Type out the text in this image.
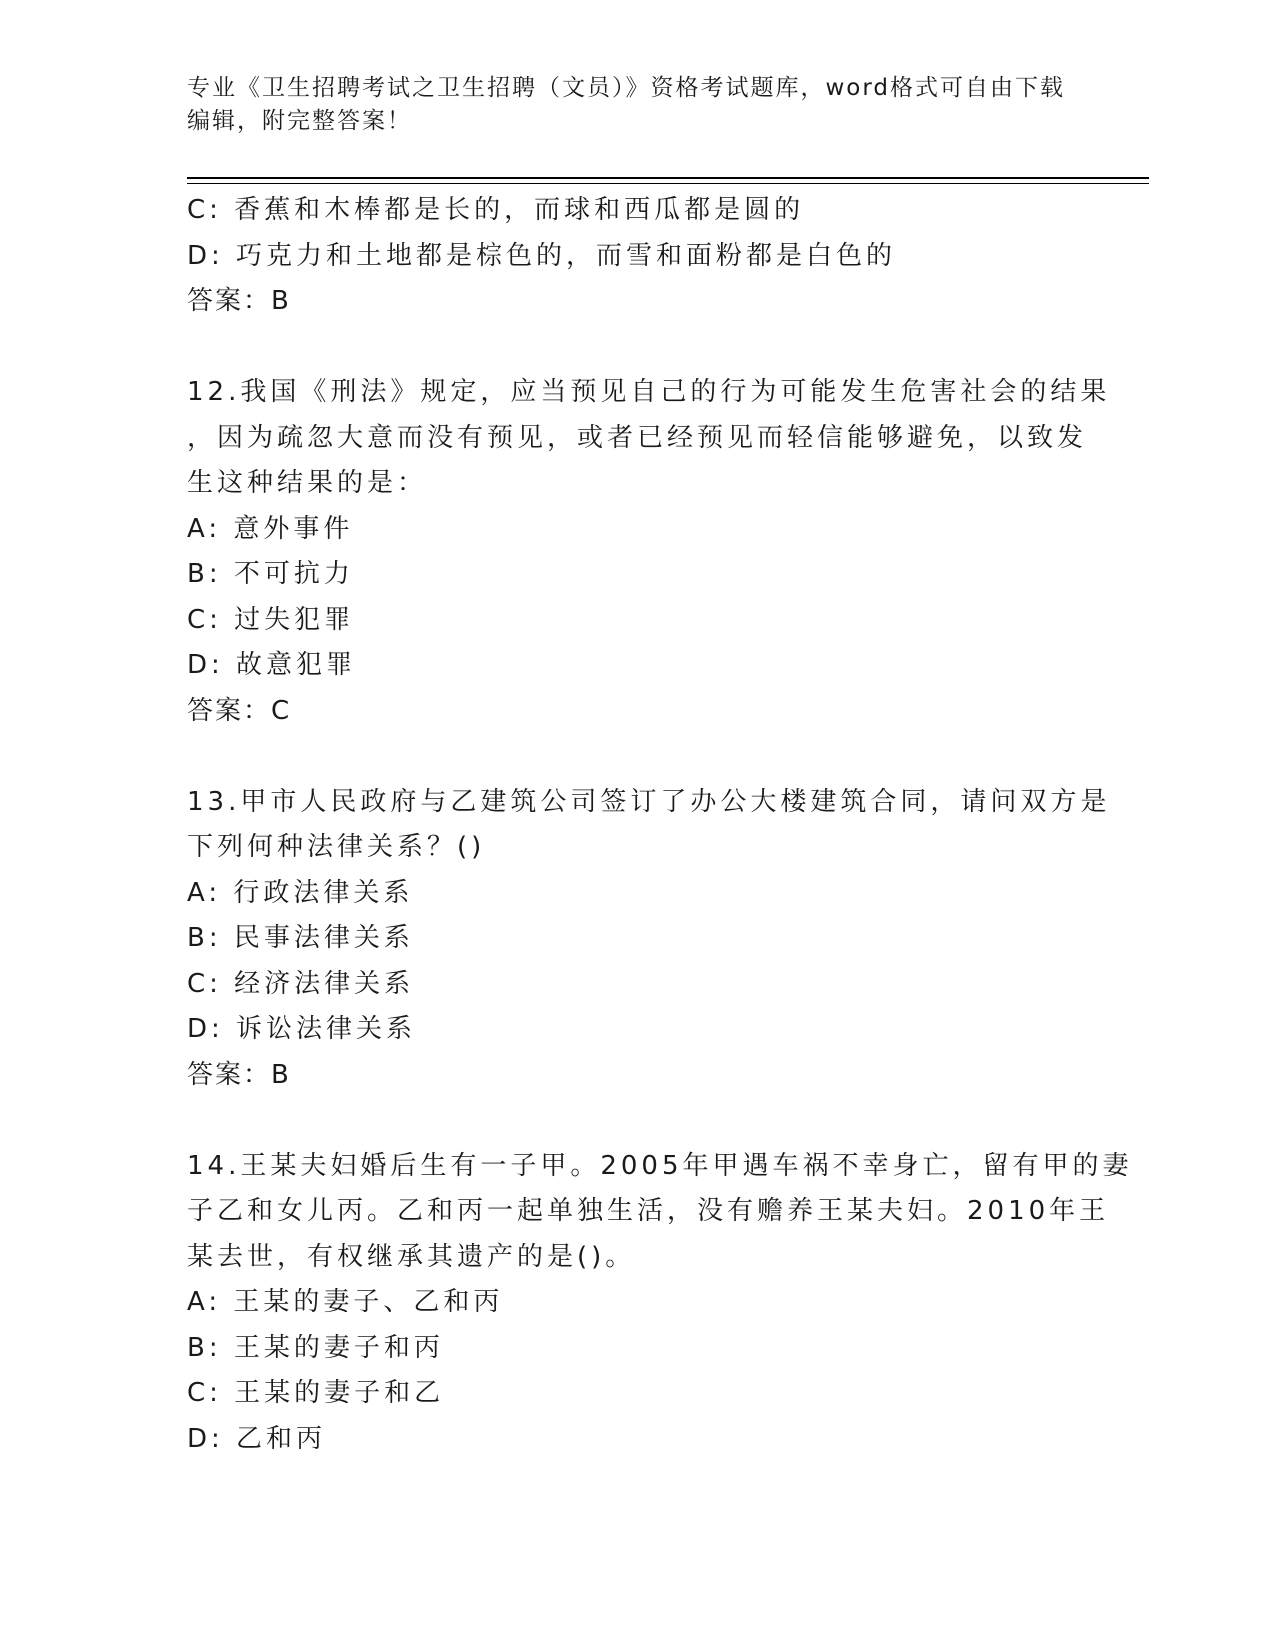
专业《卫生招聘考试之卫生招聘（文员）》资格考试题库，word格式可自由下载
编辑，附完整答案！
C: 香蕉和木棒都是长的，而球和西瓜都是圆的
D: 巧克力和土地都是棕色的，而雪和面粉都是白色的
答案：B
12.我国《刑法》规定，应当预见自己的行为可能发生危害社会的结果
，因为疏忽大意而没有预见，或者已经预见而轻信能够避免，以致发
生这种结果的是：
A: 意外事件
B: 不可抗力
C: 过失犯罪
D: 故意犯罪
答案：C
13.甲市人民政府与乙建筑公司签订了办公大楼建筑合同，请问双方是
下列何种法律关系？()
A: 行政法律关系
B: 民事法律关系
C: 经济法律关系
D: 诉讼法律关系
答案：B
14.王某夫妇婚后生有一子甲。2005年甲遇车祸不幸身亡，留有甲的妻
子乙和女儿丙。乙和丙一起单独生活，没有赡养王某夫妇。2010年王
某去世，有权继承其遗产的是()。
A: 王某的妻子、乙和丙
B: 王某的妻子和丙
C: 王某的妻子和乙
D: 乙和丙
